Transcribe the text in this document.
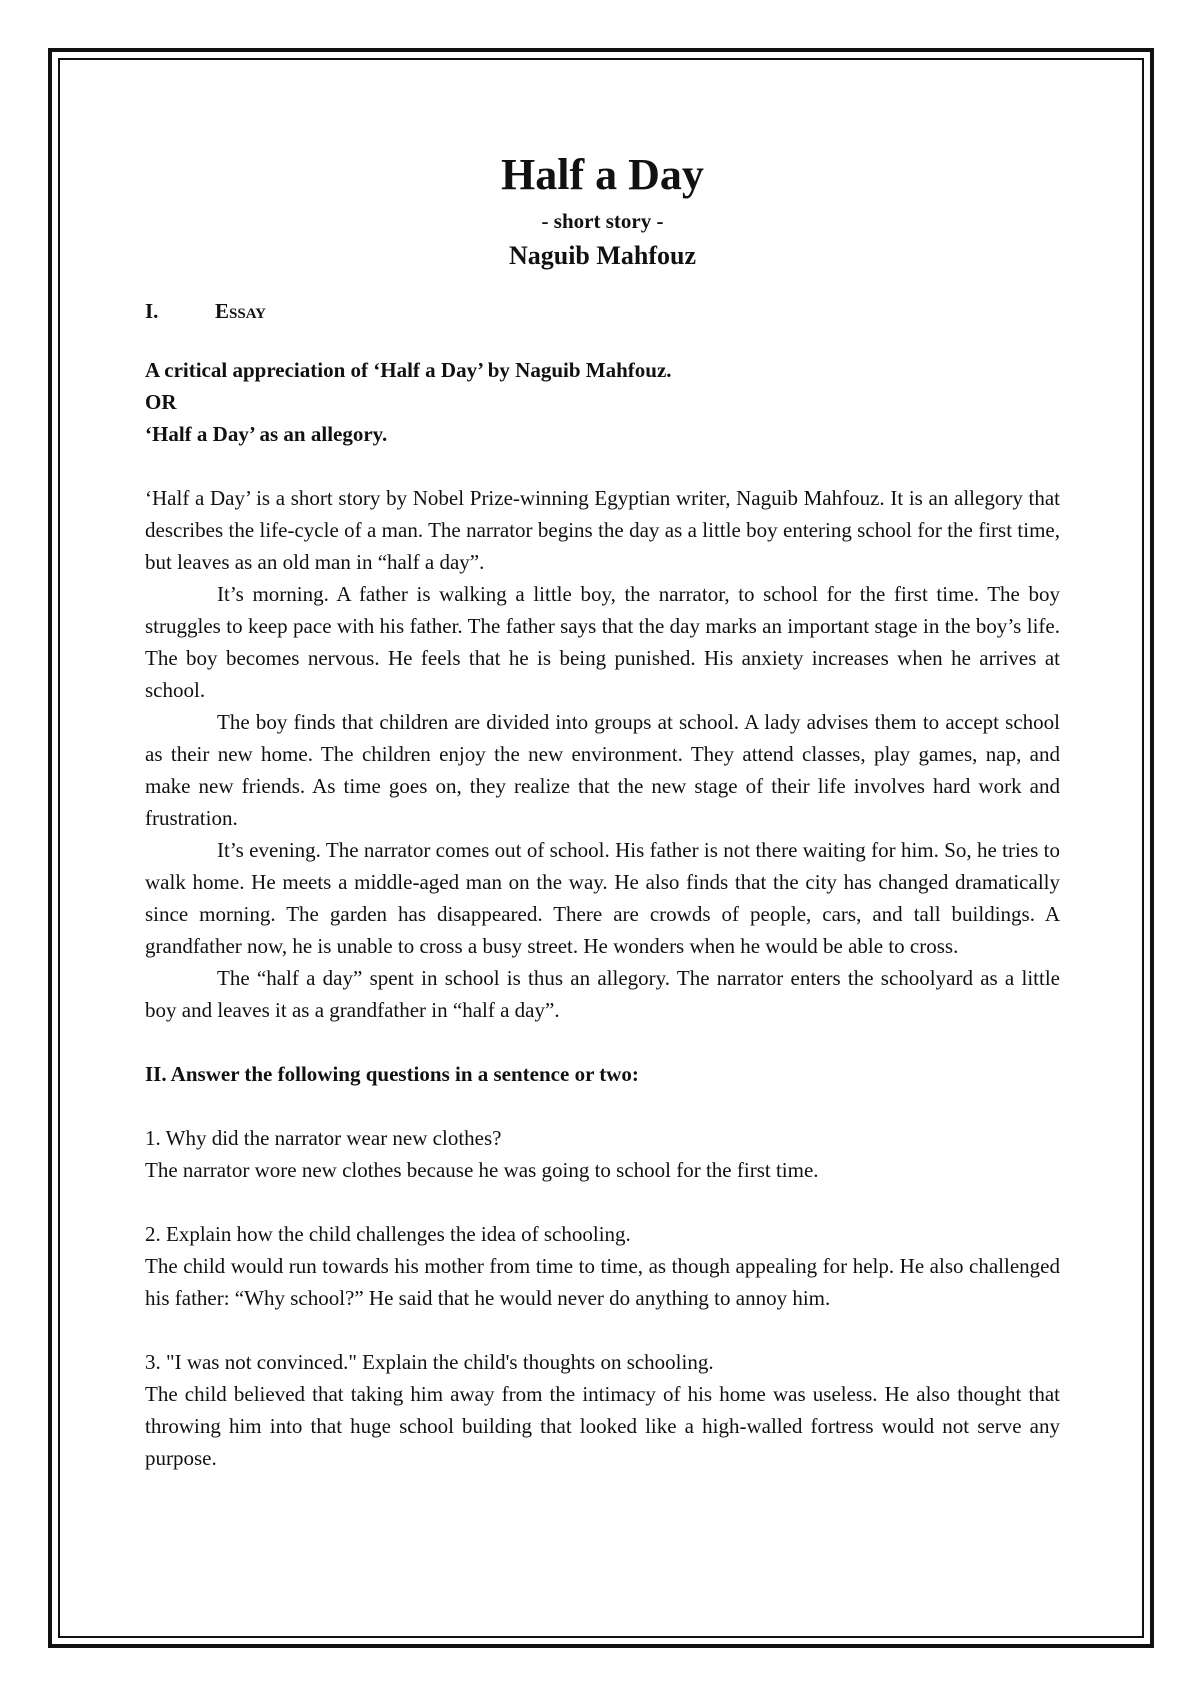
Half a Day
- short story -
Naguib Mahfouz
I.	Essay
A critical appreciation of ‘Half a Day’ by Naguib Mahfouz.
OR
‘Half a Day’ as an allegory.

‘Half a Day’ is a short story by Nobel Prize-winning Egyptian writer, Naguib Mahfouz. It is an allegory that describes the life-cycle of a man. The narrator begins the day as a little boy entering school for the first time, but leaves as an old man in “half a day”.

It’s morning. A father is walking a little boy, the narrator, to school for the first time. The boy struggles to keep pace with his father. The father says that the day marks an important stage in the boy’s life. The boy becomes nervous. He feels that he is being punished. His anxiety increases when he arrives at school.

The boy finds that children are divided into groups at school. A lady advises them to accept school as their new home. The children enjoy the new environment. They attend classes, play games, nap, and make new friends. As time goes on, they realize that the new stage of their life involves hard work and frustration.

It’s evening. The narrator comes out of school. His father is not there waiting for him. So, he tries to walk home. He meets a middle-aged man on the way. He also finds that the city has changed dramatically since morning. The garden has disappeared. There are crowds of people, cars, and tall buildings. A grandfather now, he is unable to cross a busy street. He wonders when he would be able to cross.

The “half a day” spent in school is thus an allegory. The narrator enters the schoolyard as a little boy and leaves it as a grandfather in “half a day”.

II. Answer the following questions in a sentence or two:
1. Why did the narrator wear new clothes?
The narrator wore new clothes because he was going to school for the first time.
2. Explain how the child challenges the idea of schooling.
The child would run towards his mother from time to time, as though appealing for help. He also challenged his father: “Why school?” He said that he would never do anything to annoy him.
3. "I was not convinced." Explain the child's thoughts on schooling.
The child believed that taking him away from the intimacy of his home was useless. He also thought that throwing him into that huge school building that looked like a high-walled fortress would not serve any purpose.
